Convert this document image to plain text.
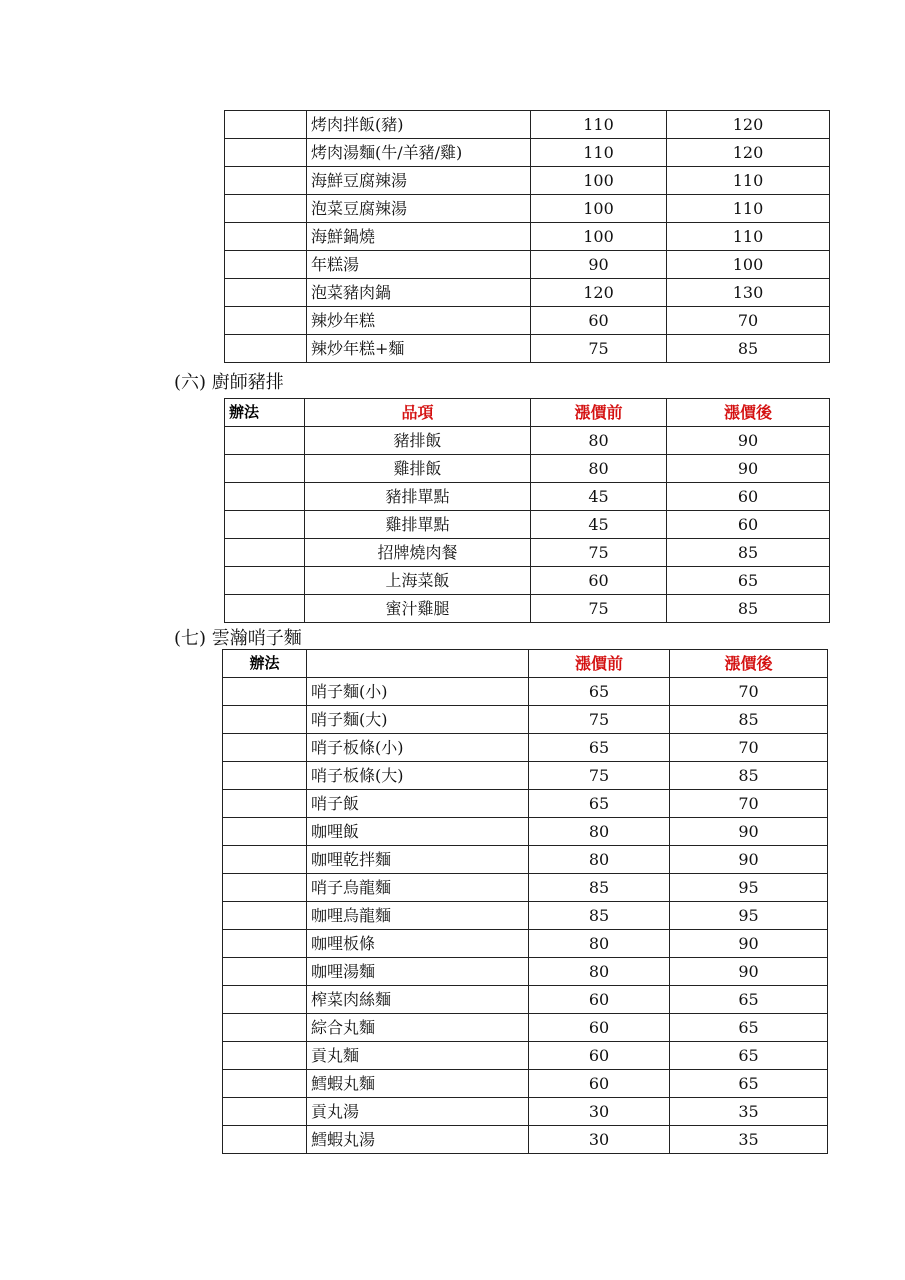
	烤肉拌飯(豬)	110	120
	烤肉湯麵(牛/羊豬/雞)	110	120
	海鮮豆腐辣湯	100	110
	泡菜豆腐辣湯	100	110
	海鮮鍋燒	100	110
	年糕湯	90	100
	泡菜豬肉鍋	120	130
	辣炒年糕	60	70
	辣炒年糕+麵	75	85
(六) 廚師豬排
辦法	品項	漲價前	漲價後
	豬排飯	80	90
	雞排飯	80	90
	豬排單點	45	60
	雞排單點	45	60
	招牌燒肉餐	75	85
	上海菜飯	60	65
	蜜汁雞腿	75	85
(七) 雲瀚哨子麵
辦法		漲價前	漲價後
	哨子麵(小)	65	70
	哨子麵(大)	75	85
	哨子板條(小)	65	70
	哨子板條(大)	75	85
	哨子飯	65	70
	咖哩飯	80	90
	咖哩乾拌麵	80	90
	哨子烏龍麵	85	95
	咖哩烏龍麵	85	95
	咖哩板條	80	90
	咖哩湯麵	80	90
	榨菜肉絲麵	60	65
	綜合丸麵	60	65
	貢丸麵	60	65
	鱈蝦丸麵	60	65
	貢丸湯	30	35
	鱈蝦丸湯	30	35
